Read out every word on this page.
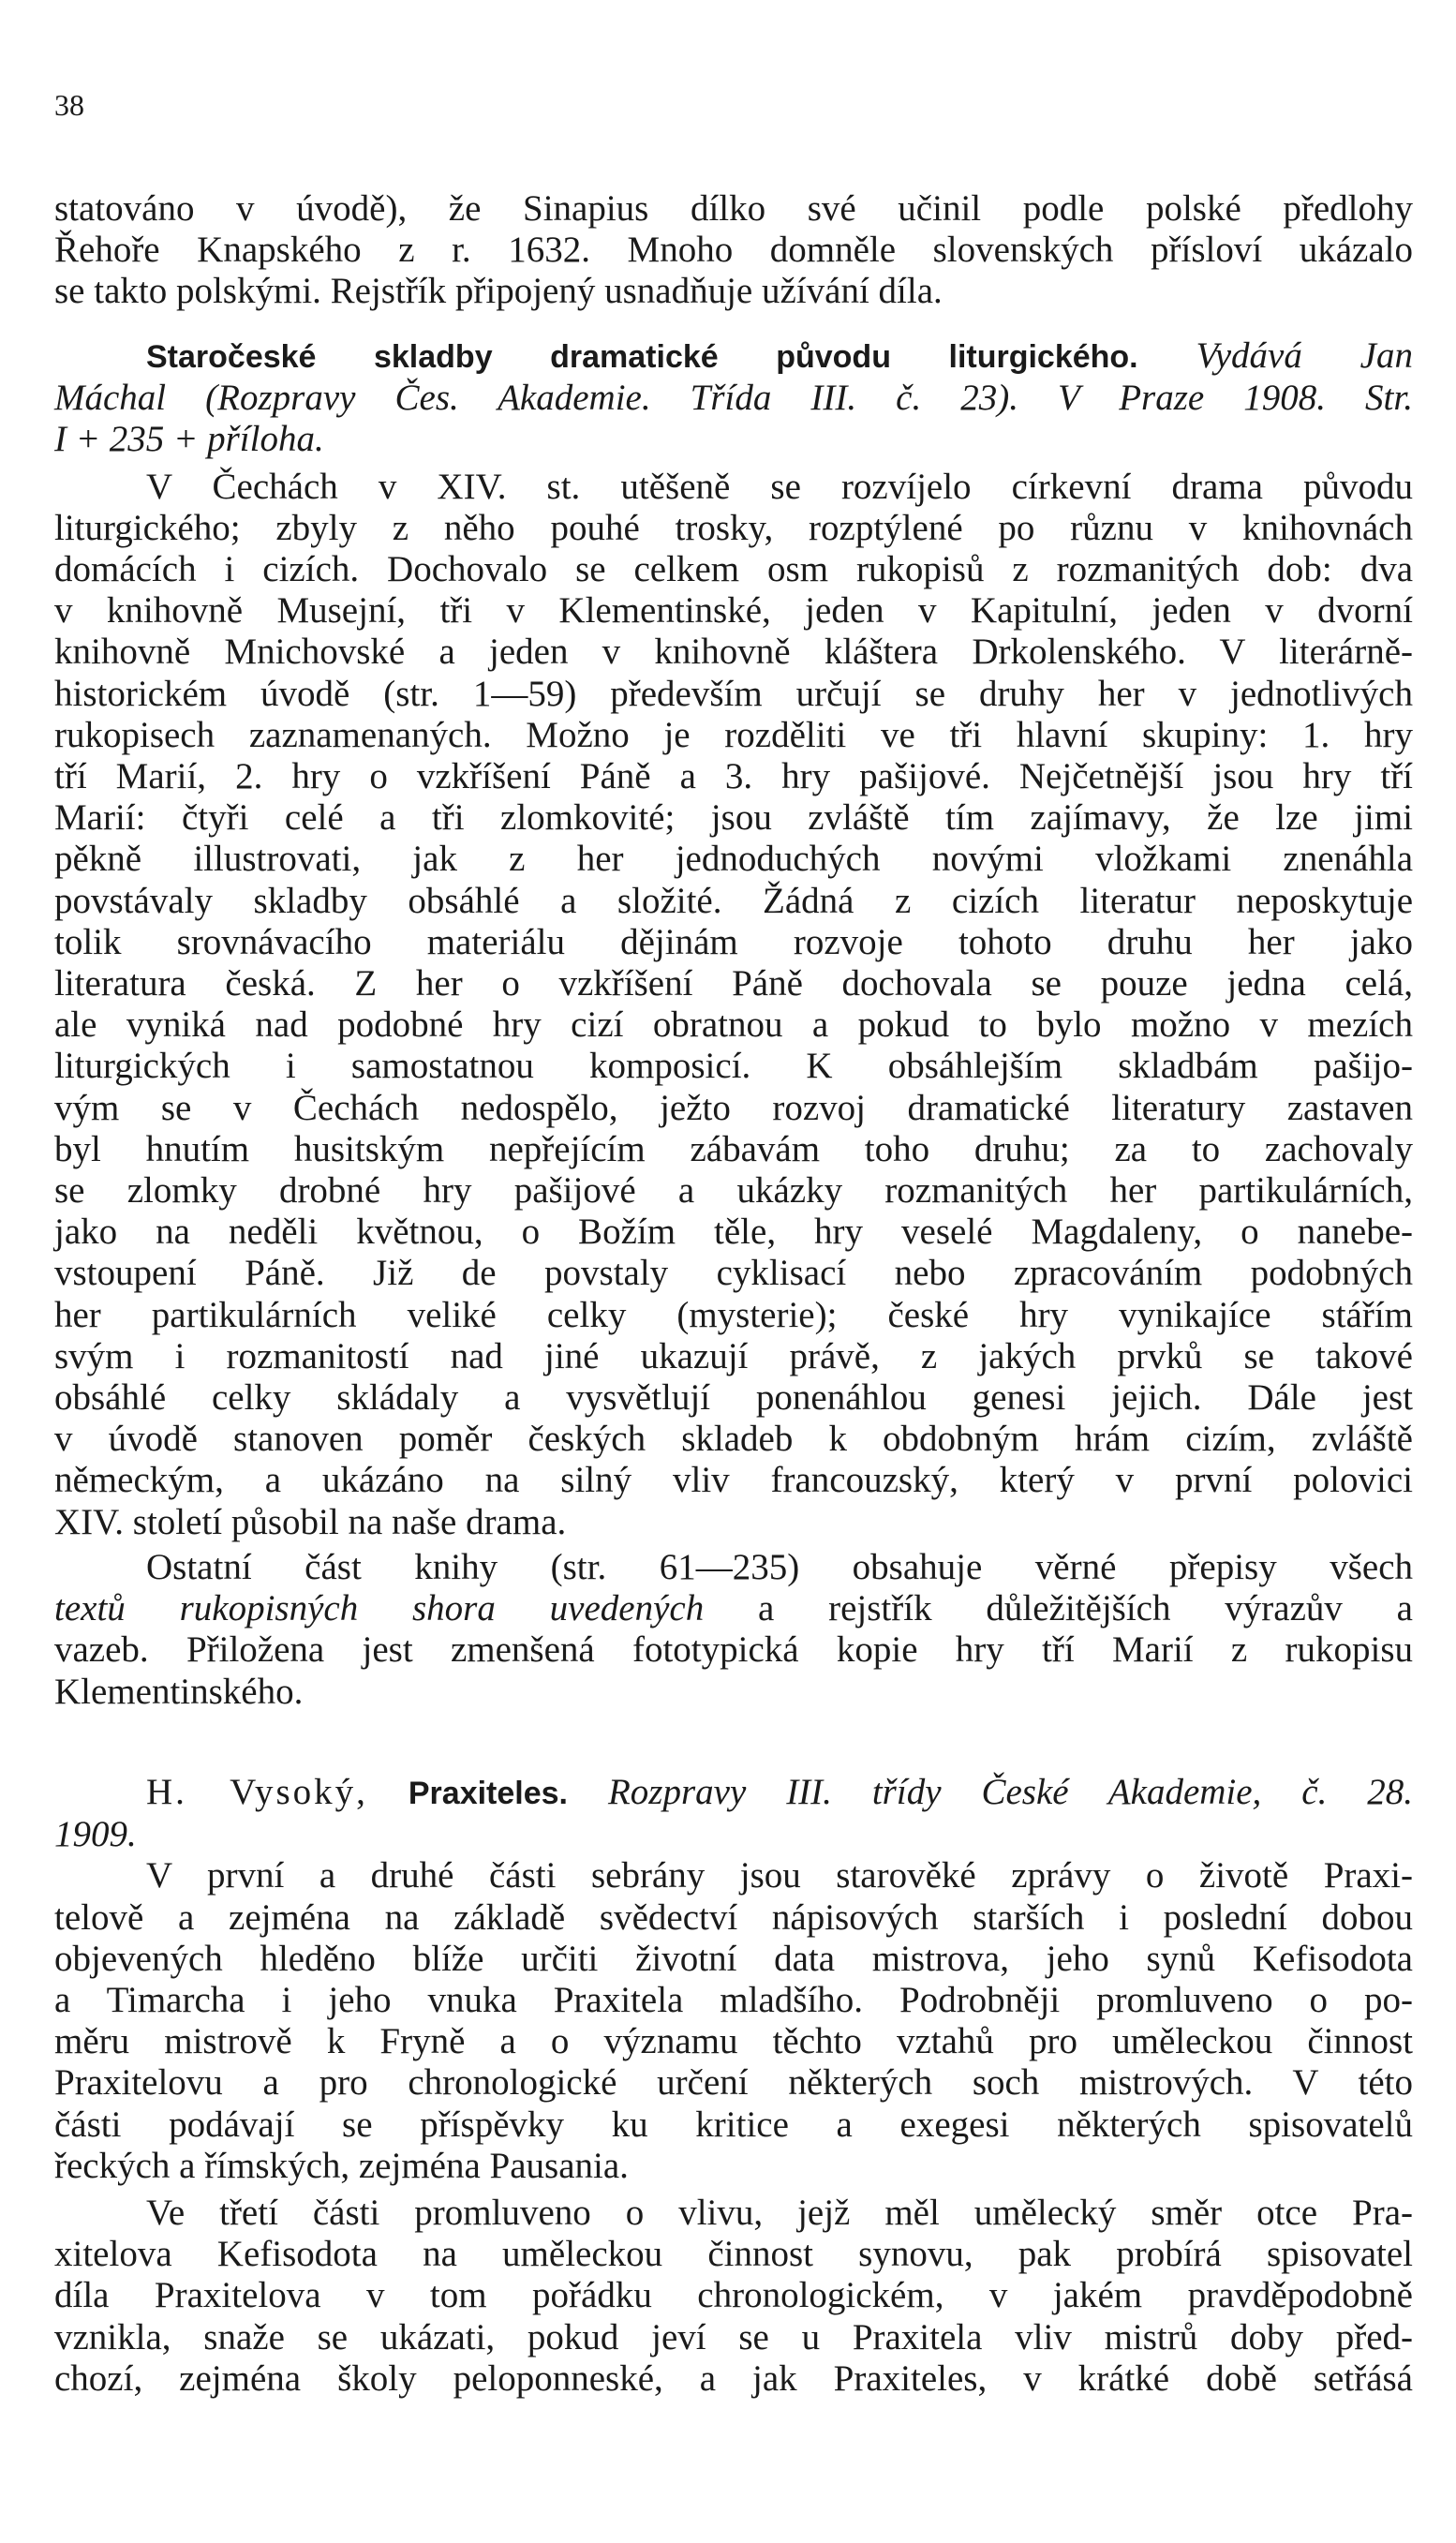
38
statováno v úvodě), že Sinapius dílko své učinil podle polské předlohy
Řehoře Knapského z r. 1632. Mnoho domněle slovenských přísloví ukázalo
se takto polskými. Rejstřík připojený usnadňuje užívání díla.
Staročeské skladby dramatické původu liturgického. Vydává Jan
Máchal (Rozpravy Čes. Akademie. Třída III. č. 23). V Praze 1908. Str.
I + 235 + příloha.
V Čechách v XIV. st. utěšeně se rozvíjelo církevní drama původu
liturgického; zbyly z něho pouhé trosky, rozptýlené po různu v knihovnách
domácích i cizích. Dochovalo se celkem osm rukopisů z rozmanitých dob: dva
v knihovně Musejní, tři v Klementinské, jeden v Kapitulní, jeden v dvorní
knihovně Mnichovské a jeden v knihovně kláštera Drkolenského. V literárně-
historickém úvodě (str. 1—59) především určují se druhy her v jednotlivých
rukopisech zaznamenaných. Možno je rozděliti ve tři hlavní skupiny: 1. hry
tří Marií, 2. hry o vzkříšení Páně a 3. hry pašijové. Nejčetnější jsou hry tří
Marií: čtyři celé a tři zlomkovité; jsou zvláště tím zajímavy, že lze jimi
pěkně illustrovati, jak z her jednoduchých novými vložkami znenáhla
povstávaly skladby obsáhlé a složité. Žádná z cizích literatur neposkytuje
tolik srovnávacího materiálu dějinám rozvoje tohoto druhu her jako
literatura česká. Z her o vzkříšení Páně dochovala se pouze jedna celá,
ale vyniká nad podobné hry cizí obratnou a pokud to bylo možno v mezích
liturgických i samostatnou komposicí. K obsáhlejším skladbám pašijo-
vým se v Čechách nedospělo, ježto rozvoj dramatické literatury zastaven
byl hnutím husitským nepřejícím zábavám toho druhu; za to zachovaly
se zlomky drobné hry pašijové a ukázky rozmanitých her partikulárních,
jako na neděli květnou, o Božím těle, hry veselé Magdaleny, o nanebe-
vstoupení Páně. Již de povstaly cyklisací nebo zpracováním podobných
her partikulárních veliké celky (mysterie); české hry vynikajíce stářím
svým i rozmanitostí nad jiné ukazují právě, z jakých prvků se takové
obsáhlé celky skládaly a vysvětlují ponenáhlou genesi jejich. Dále jest
v úvodě stanoven poměr českých skladeb k obdobným hrám cizím, zvláště
německým, a ukázáno na silný vliv francouzský, který v první polovici
XIV. století působil na naše drama.
Ostatní část knihy (str. 61—235) obsahuje věrné přepisy všech
textů rukopisných shora uvedených a rejstřík důležitějších výrazův a
vazeb. Přiložena jest zmenšená fototypická kopie hry tří Marií z rukopisu
Klementinského.
H. Vysoký, Praxiteles. Rozpravy III. třídy České Akademie, č. 28.
1909.
V první a druhé části sebrány jsou starověké zprávy o životě Praxi-
telově a zejména na základě svědectví nápisových starších i poslední dobou
objevených hleděno blíže určiti životní data mistrova, jeho synů Kefisodota
a Timarcha i jeho vnuka Praxitela mladšího. Podrobněji promluveno o po-
měru mistrově k Fryně a o významu těchto vztahů pro uměleckou činnost
Praxitelovu a pro chronologické určení některých soch mistrových. V této
části podávají se příspěvky ku kritice a exegesi některých spisovatelů
řeckých a římských, zejména Pausania.
Ve třetí části promluveno o vlivu, jejž měl umělecký směr otce Pra-
xitelova Kefisodota na uměleckou činnost synovu, pak probírá spisovatel
díla Praxitelova v tom pořádku chronologickém, v jakém pravděpodobně
vznikla, snaže se ukázati, pokud jeví se u Praxitela vliv mistrů doby před-
chozí, zejména školy peloponneské, a jak Praxiteles, v krátké době setřásá
